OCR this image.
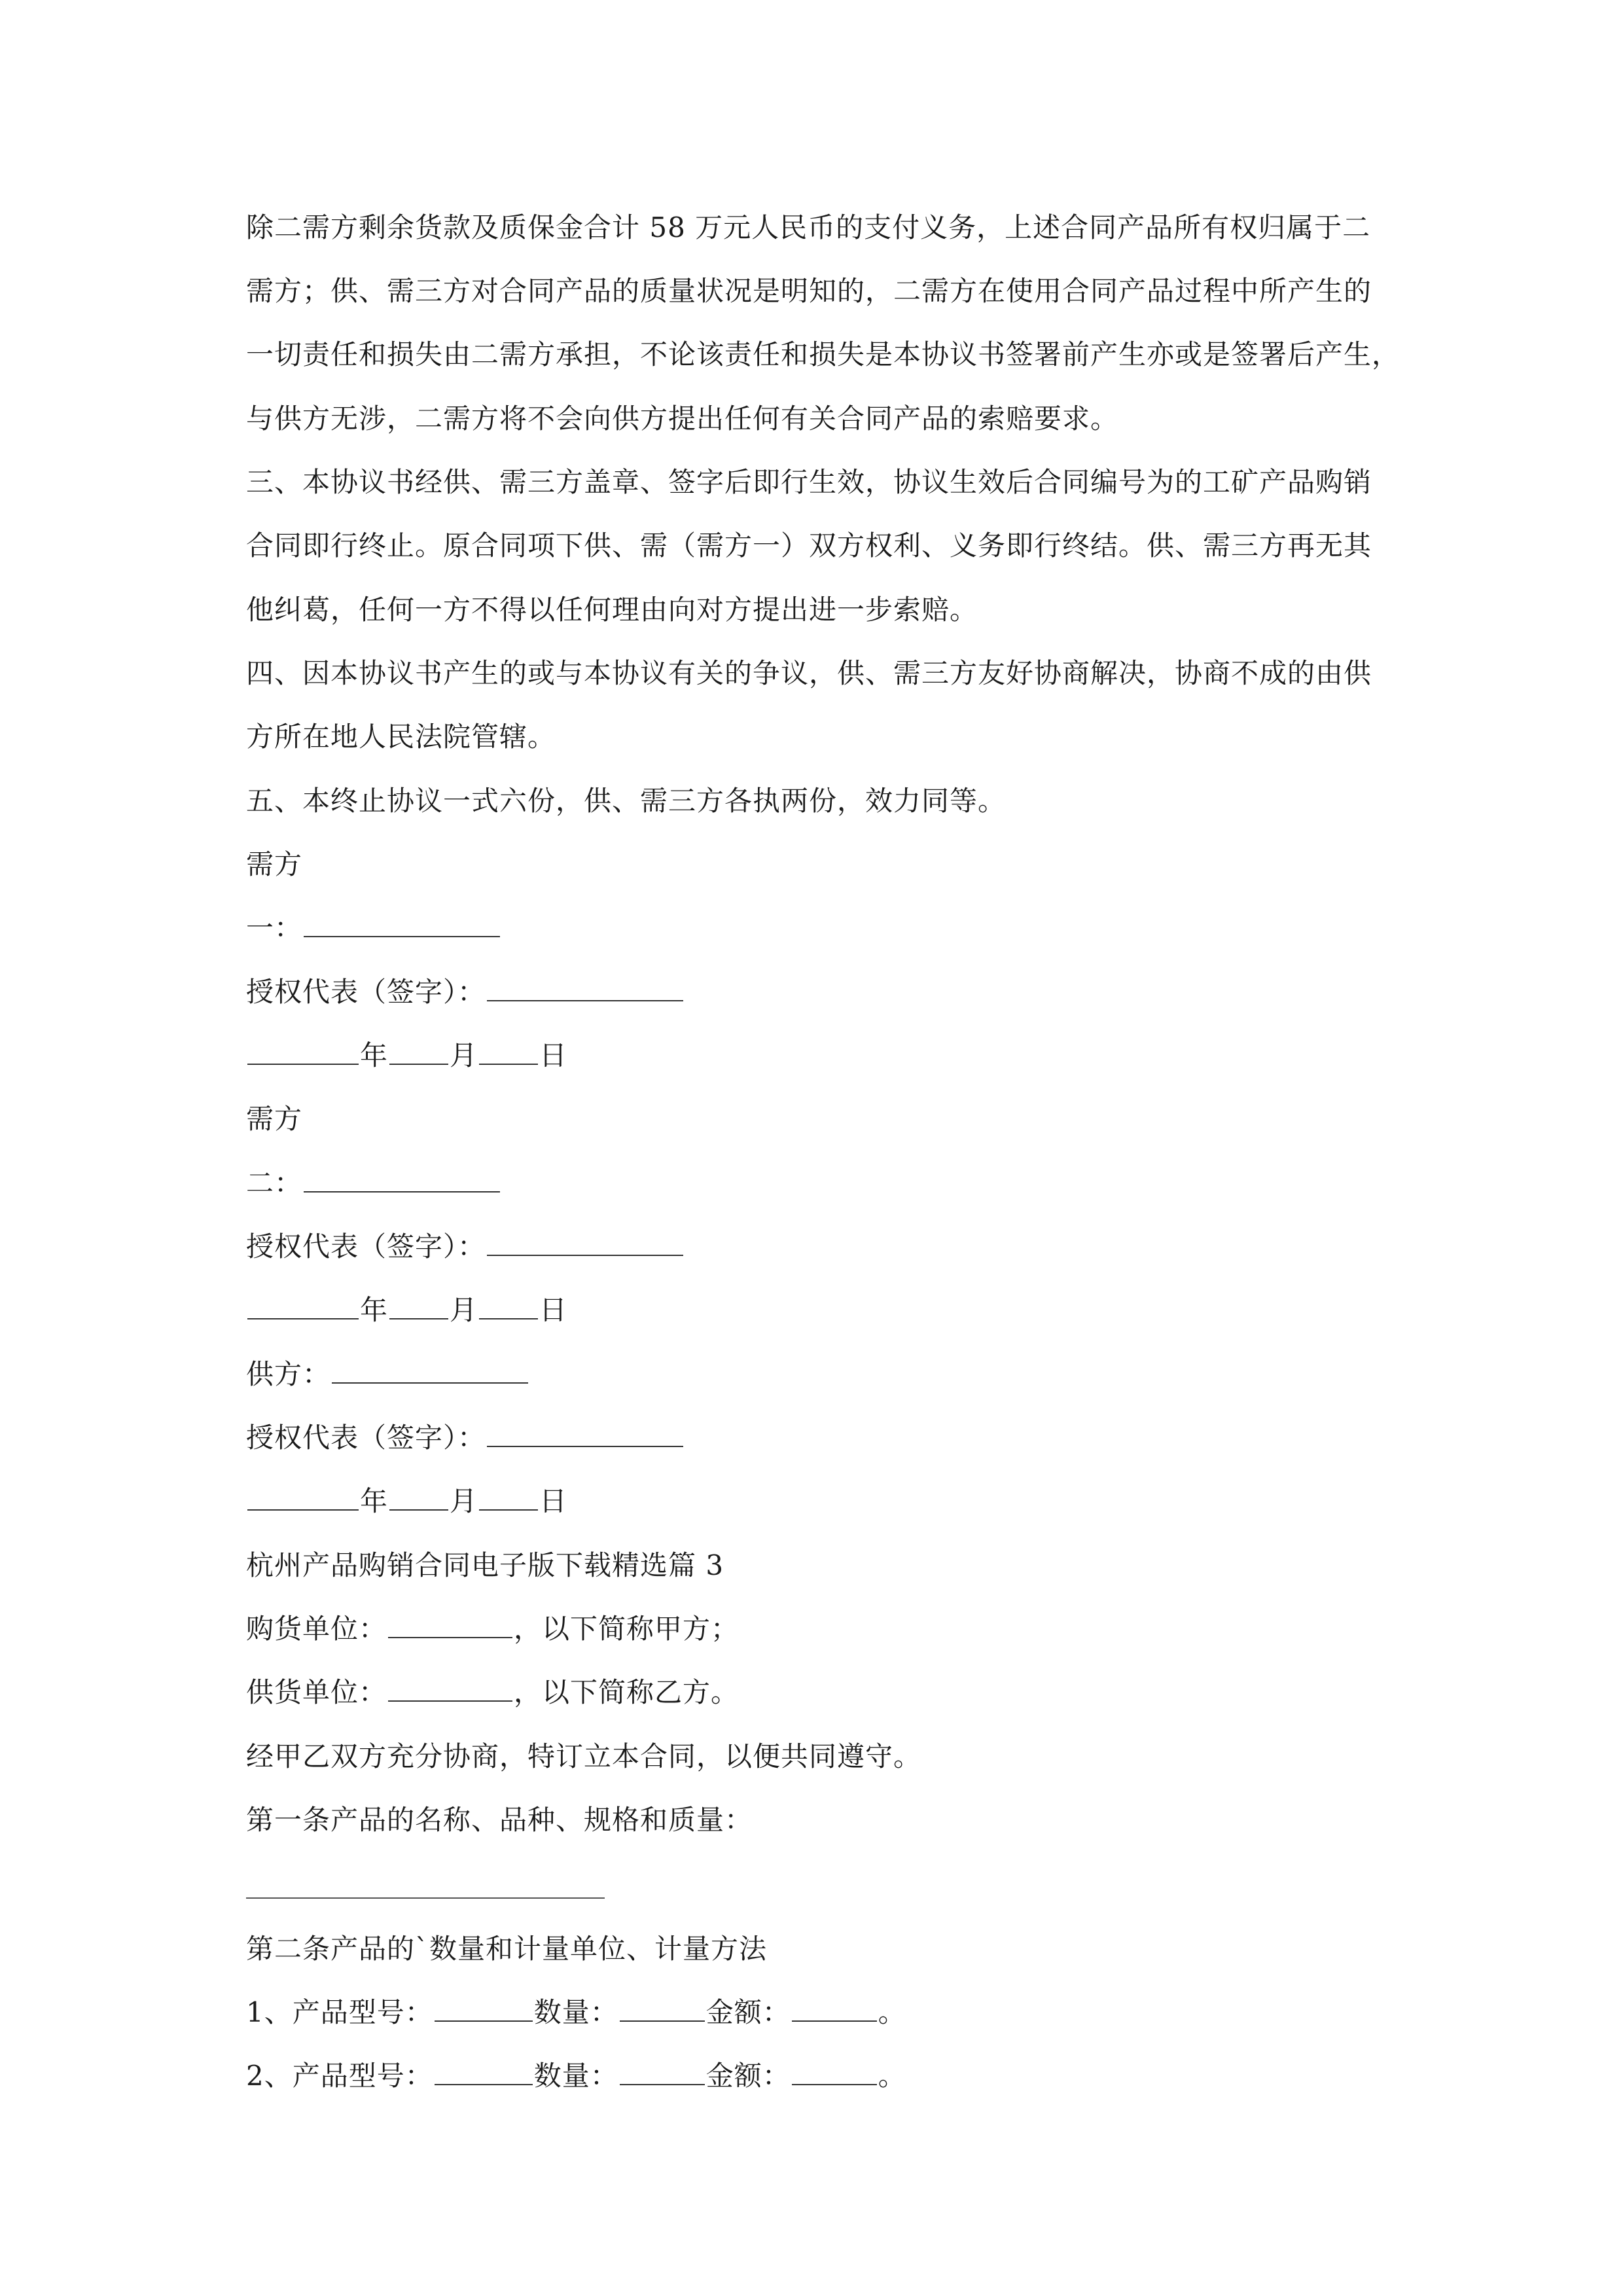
除二需方剩余货款及质保金合计 58 万元人民币的支付义务，上述合同产品所有权归属于二
需方；供、需三方对合同产品的质量状况是明知的，二需方在使用合同产品过程中所产生的
一切责任和损失由二需方承担，不论该责任和损失是本协议书签署前产生亦或是签署后产生，
与供方无涉，二需方将不会向供方提出任何有关合同产品的索赔要求。
三、本协议书经供、需三方盖章、签字后即行生效，协议生效后合同编号为的工矿产品购销
合同即行终止。原合同项下供、需（需方一）双方权利、义务即行终结。供、需三方再无其
他纠葛，任何一方不得以任何理由向对方提出进一步索赔。
四、因本协议书产生的或与本协议有关的争议，供、需三方友好协商解决，协商不成的由供
方所在地人民法院管辖。
五、本终止协议一式六份，供、需三方各执两份，效力同等。
需方
一：
授权代表（签字）：
年 月 日
需方
二：
授权代表（签字）：
年 月 日
供方：
授权代表（签字）：
年 月 日
杭州产品购销合同电子版下载精选篇 3
购货单位：	，以下简称甲方；
供货单位：	，以下简称乙方。
经甲乙双方充分协商，特订立本合同，以便共同遵守。
第一条产品的名称、品种、规格和质量：
第二条产品的`数量和计量单位、计量方法
1、产品型号：	数量：	金额：	。
2、产品型号：	数量：	金额：	。
